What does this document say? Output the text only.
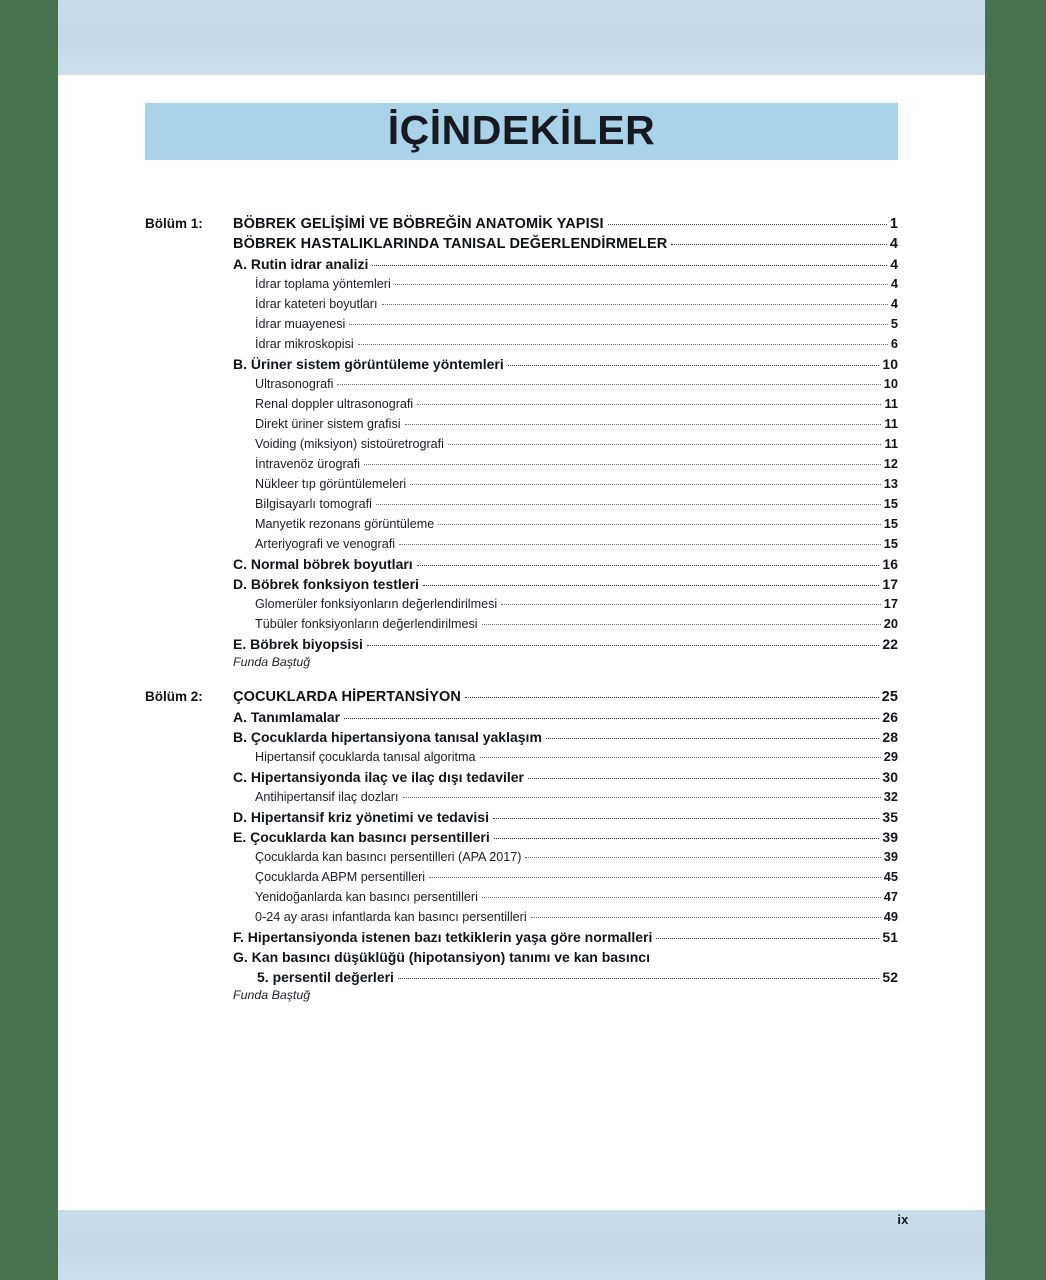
İÇİNDEKİLER
Bölüm 1:	BÖBREK GELİŞİMİ VE BÖBREĞİN ANATOMİK YAPISI	1
BÖBREK HASTALIKLARINDA TANISAL DEĞERLENDİRMELER	4
A. Rutin idrar analizi	4
İdrar toplama yöntemleri	4
İdrar kateteri boyutları	4
İdrar muayenesi	5
İdrar mikroskopisi	6
B. Üriner sistem görüntüleme yöntemleri	10
Ultrasonografi	10
Renal doppler ultrasonografi	11
Direkt üriner sistem grafisi	11
Voiding (miksiyon) sistoüretrografi	11
İntravenöz ürografi	12
Nükleer tıp görüntülemeleri	13
Bilgisayarlı tomografi	15
Manyetik rezonans görüntüleme	15
Arteriyografi ve venografi	15
C. Normal böbrek boyutları	16
D. Böbrek fonksiyon testleri	17
Glomerüler fonksiyonların değerlendirilmesi	17
Tübüler fonksiyonların değerlendirilmesi	20
E. Böbrek biyopsisi	22
Funda Baştuğ
Bölüm 2:	ÇOCUKLARDA HİPERTANSİYON	25
A. Tanımlamalar	26
B. Çocuklarda hipertansiyona tanısal yaklaşım	28
Hipertansif çocuklarda tanısal algoritma	29
C. Hipertansiyonda ilaç ve ilaç dışı tedaviler	30
Antihipertansif ilaç dozları	32
D. Hipertansif kriz yönetimi ve tedavisi	35
E. Çocuklarda kan basıncı persentilleri	39
Çocuklarda kan basıncı persentilleri (APA 2017)	39
Çocuklarda ABPM persentilleri	45
Yenidoğanlarda kan basıncı persentilleri	47
0-24 ay arası infantlarda kan basıncı persentilleri	49
F. Hipertansiyonda istenen bazı tetkiklerin yaşa göre normalleri	51
G. Kan basıncı düşüklüğü (hipotansiyon) tanımı ve kan basıncı
5. persentil değerleri	52
Funda Baştuğ
ix
